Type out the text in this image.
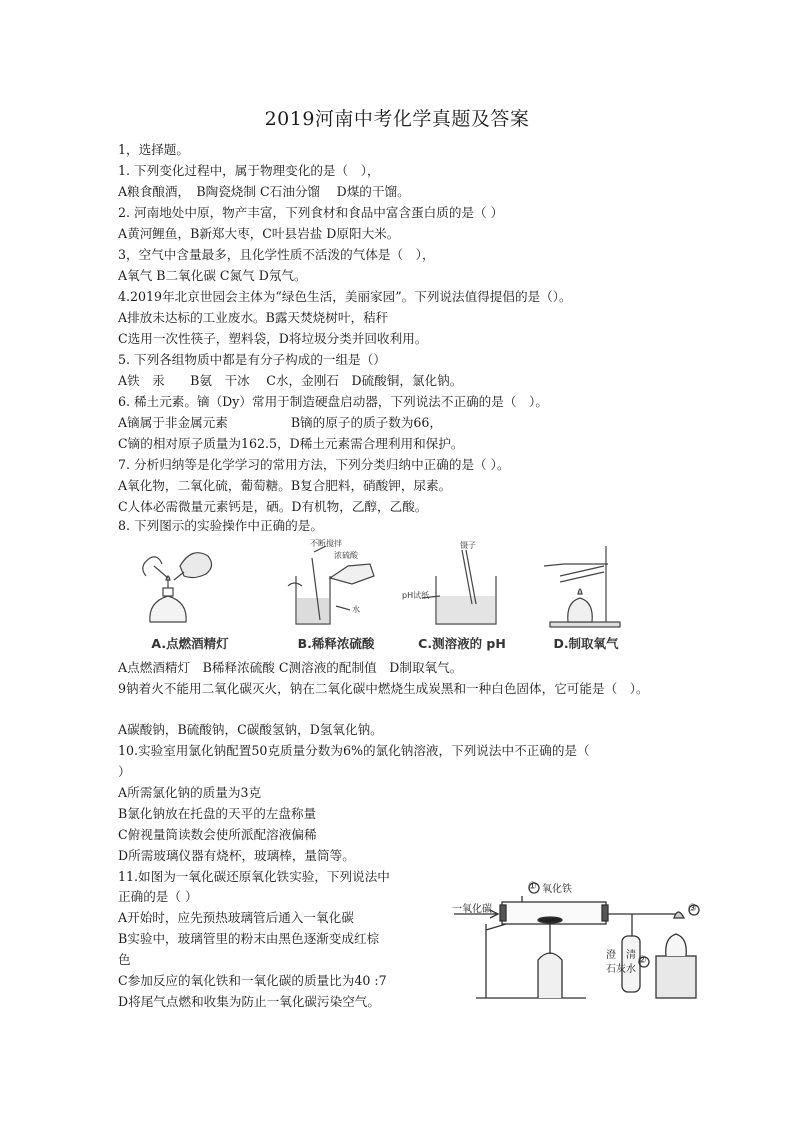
2019河南中考化学真题及答案
1，选择题。
1. 下列变化过程中，属于物理变化的是（　），
A粮食酿酒，　B陶瓷烧制 C石油分馏　 D煤的干馏。
2. 河南地处中原，物产丰富，下列食材和食品中富含蛋白质的是（ ）
A黄河鲤鱼，B新郑大枣，C叶县岩盐 D原阳大米。
3，空气中含量最多，且化学性质不活泼的气体是（　），
A氧气 B二氧化碳 C氮气 D氖气。
4.2019年北京世园会主体为“绿色生活，美丽家园”。下列说法值得提倡的是（）。
A排放未达标的工业废水。B露天焚烧树叶，秸秆
C选用一次性筷子，塑料袋，D将垃圾分类并回收利用。
5. 下列各组物质中都是有分子构成的一组是（）
A铁　汞　　B氨　干冰　 C水，金刚石　D硫酸铜，氯化钠。
6. 稀土元素。镝（Dy）常用于制造硬盘启动器，下列说法不正确的是（　）。
A镝属于非金属元素　　　　　B镝的原子的质子数为66，
C镝的相对原子质量为162.5，D稀土元素需合理利用和保护。
7. 分析归纳等是化学学习的常用方法，下列分类归纳中正确的是（ ）。
A氧化物，二氧化硫，葡萄糖。B复合肥料，硝酸钾，尿素。
C人体必需微量元素钙是，硒。D有机物，乙醇，乙酸。
8. 下列图示的实验操作中正确的是。
A.点燃酒精灯
不断搅拌
浓硫酸
水
B.稀释浓硫酸
镊子
pH试纸
C.测溶液的 pH	D.制取氧气
A点燃酒精灯　B稀释浓硫酸 C测溶液的配制值　D制取氧气。
9钠着火不能用二氧化碳灭火，钠在二氧化碳中燃烧生成炭黑和一种白色固体，它可能是（　）。
A碳酸钠，B硫酸钠，C碳酸氢钠，D氢氧化钠。
10.实验室用氯化钠配置50克质量分数为6%的氯化钠溶液，下列说法中不正确的是（
）
A所需氯化钠的质量为3克
B氯化钠放在托盘的天平的左盘称量
C俯视量筒读数会使所派配溶液偏稀
D所需玻璃仪器有烧杯，玻璃棒，量筒等。
11.如图为一氧化碳还原氧化铁实验，下列说法中
正确的是（ ）
A开始时，应先预热玻璃管后通入一氧化碳
B实验中，玻璃管里的粉末由黑色逐渐变成红棕
色
C参加反应的氧化铁和一氧化碳的质量比为40 :7
D将尾气点燃和收集为防止一氧化碳污染空气。
一氧化碳
氧化铁
①
②
③
澄　清
石灰水
